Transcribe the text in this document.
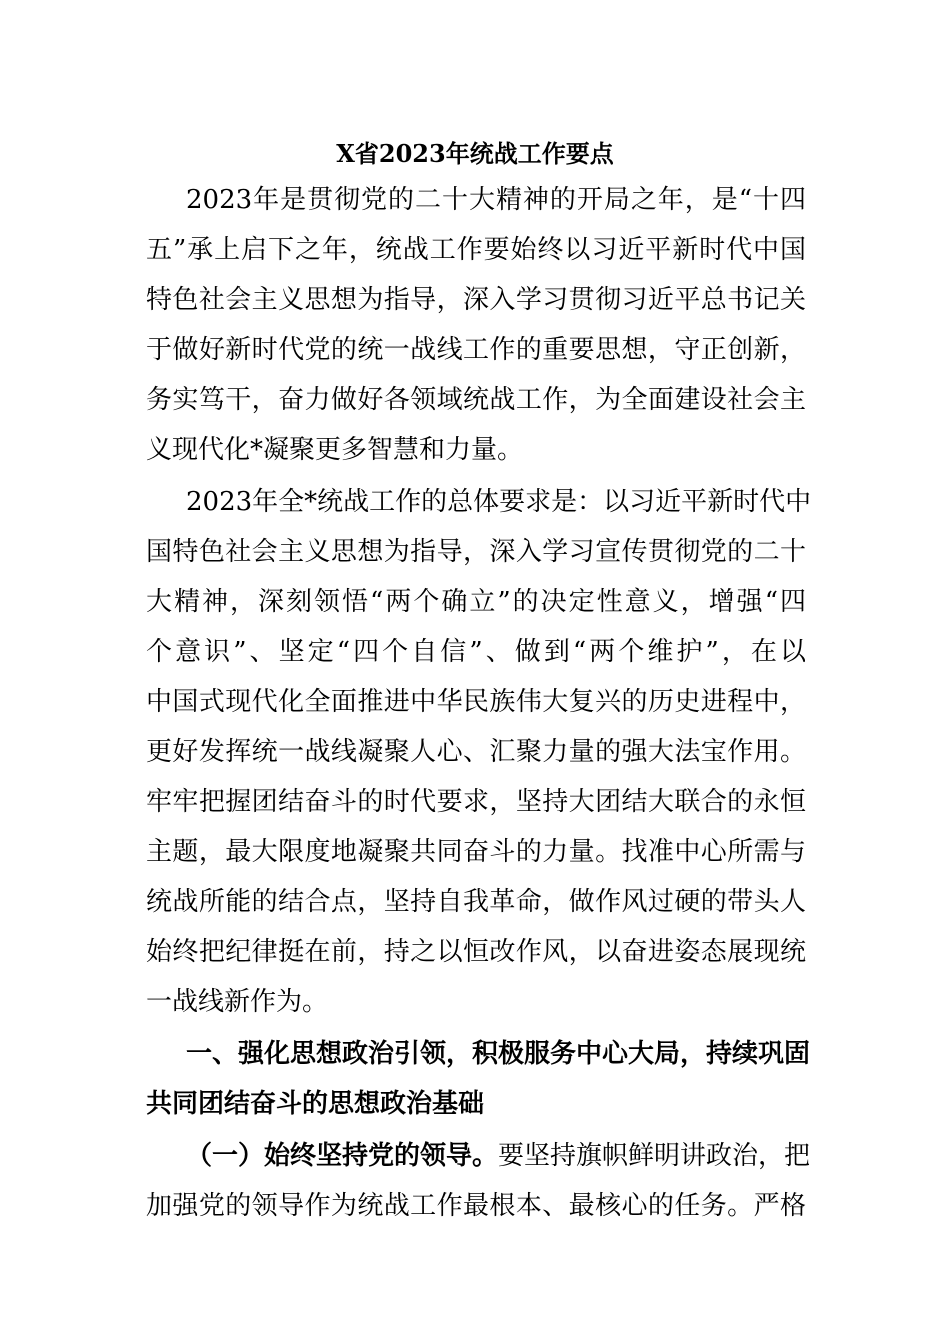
X省2023年统战工作要点
2023年是贯彻党的二十大精神的开局之年，是“十四
五”承上启下之年，统战工作要始终以习近平新时代中国
特色社会主义思想为指导，深入学习贯彻习近平总书记关
于做好新时代党的统一战线工作的重要思想，守正创新，
务实笃干，奋力做好各领域统战工作，为全面建设社会主
义现代化*凝聚更多智慧和力量。
2023年全*统战工作的总体要求是：以习近平新时代中
国特色社会主义思想为指导，深入学习宣传贯彻党的二十
大精神，深刻领悟“两个确立”的决定性意义，增强“四
个意识”、坚定“四个自信”、做到“两个维护”，在以
中国式现代化全面推进中华民族伟大复兴的历史进程中，
更好发挥统一战线凝聚人心、汇聚力量的强大法宝作用。
牢牢把握团结奋斗的时代要求，坚持大团结大联合的永恒
主题，最大限度地凝聚共同奋斗的力量。找准中心所需与
统战所能的结合点，坚持自我革命，做作风过硬的带头人
始终把纪律挺在前，持之以恒改作风，以奋进姿态展现统
一战线新作为。
一、强化思想政治引领，积极服务中心大局，持续巩固
共同团结奋斗的思想政治基础
（一）始终坚持党的领导。要坚持旗帜鲜明讲政治，把
加强党的领导作为统战工作最根本、最核心的任务。严格
